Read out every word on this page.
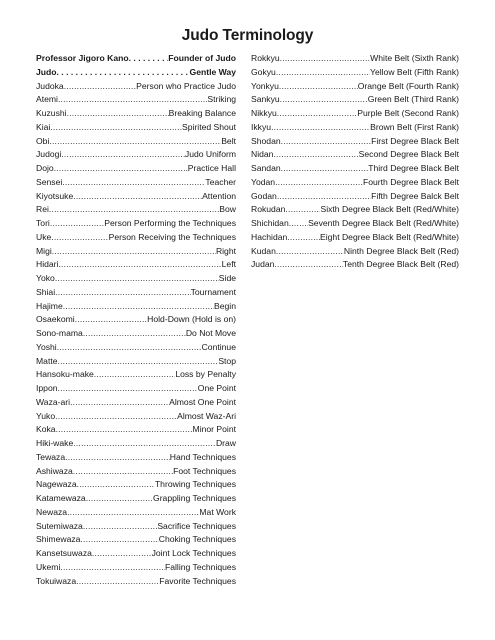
Judo Terminology
Professor Jigoro Kano . . .	Founder of Judo
Judo . . .	Gentle Way
Judoka .....	Person who Practice Judo
Atemi .....	Striking
Kuzushi .....	Breaking Balance
Kiai .....	Spirited Shout
Obi .....	Belt
Judogi .....	Judo Uniform
Dojo .....	Practice Hall
Sensei .....	Teacher
Kiyotsuke .....	Attention
Rei .....	Bow
Tori .....	Person Performing the Techniques
Uke .....	Person Receiving the Techniques
Migi .....	Right
Hidari .....	Left
Yoko .....	Side
Shiai .....	Tournament
Hajime .....	Begin
Osaekomi .....	Hold-Down (Hold is on)
Sono-mama .....	Do Not Move
Yoshi .....	Continue
Matte .....	Stop
Hansoku-make .....	Loss by Penalty
Ippon .....	One Point
Waza-ari .....	Almost One Point
Yuko .....	Almost Waz-Ari
Koka .....	Minor Point
Hiki-wake .....	Draw
Tewaza .....	Hand Techniques
Ashiwaza .....	Foot Techniques
Nagewaza .....	Throwing Techniques
Katamewaza .....	Grappling Techniques
Newaza .....	Mat Work
Sutemiwaza .....	Sacrifice Techniques
Shimewaza .....	Choking Techniques
Kansetsuwaza .....	Joint Lock Techniques
Ukemi .....	Falling Techniques
Tokuiwaza .....	Favorite Techniques
Rokkyu .....	White Belt (Sixth Rank)
Gokyu .....	Yellow Belt (Fifth Rank)
Yonkyu .....	Orange Belt (Fourth Rank)
Sankyu .....	Green Belt (Third Rank)
Nikkyu .....	Purple Belt (Second Rank)
Ikkyu .....	Brown Belt (First Rank)
Shodan .....	First Degree Black Belt
Nidan .....	Second Degree Black Belt
Sandan .....	Third Degree Black Belt
Yodan .....	Fourth Degree Black Belt
Godan .....	Fifth Degree Balck Belt
Rokudan .....	Sixth Degree Black Belt (Red/White)
Shichidan ..... Seventh Degree Black Belt (Red/White)
Hachidan .....	Eight Degree Black Belt (Red/White)
Kudan .....	Ninth Degree Black Belt (Red)
Judan .....	Tenth Degree Black Belt (Red)
